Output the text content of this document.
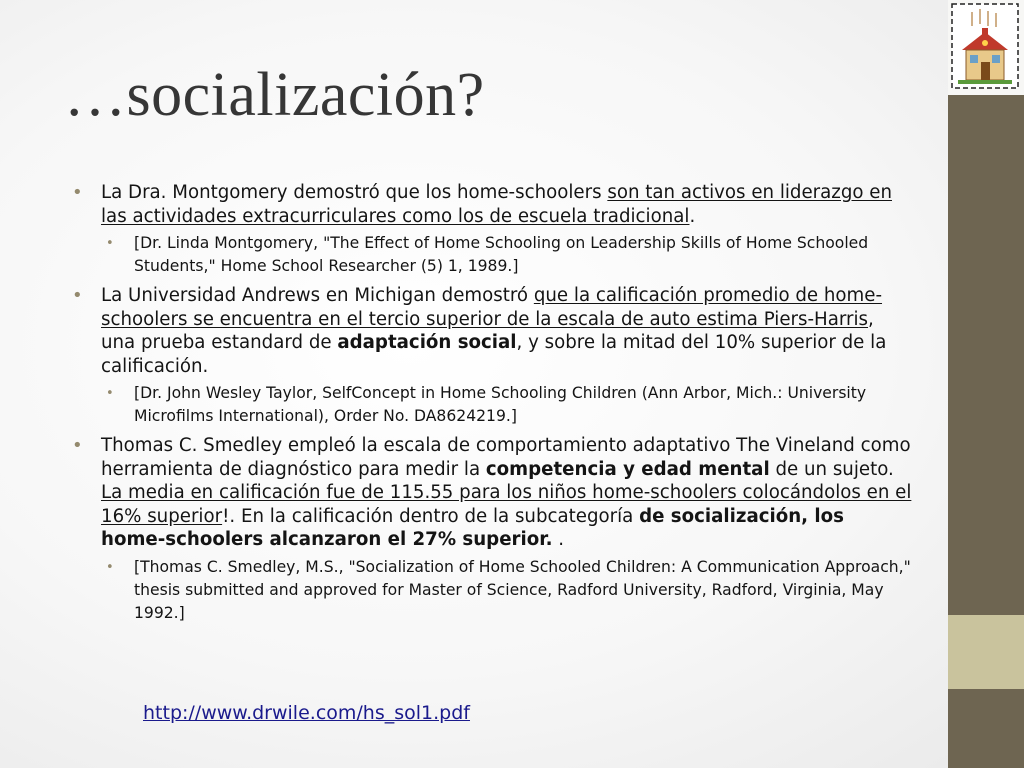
…socialización?

• La Dra. Montgomery demostró que los home-schoolers son tan activos en liderazgo en las actividades extracurriculares como los de escuela tradicional.

• [Dr. Linda Montgomery, "The Effect of Home Schooling on Leadership Skills of Home Schooled Students," Home School Researcher (5) 1, 1989.]

• La Universidad Andrews en Michigan demostró que la calificación promedio de home-schoolers se encuentra en el tercio superior de la escala de auto estima Piers-Harris, una prueba estandard de adaptación social, y sobre la mitad del 10% superior de la calificación.

• [Dr. John Wesley Taylor, SelfConcept in Home Schooling Children (Ann Arbor, Mich.: University Microfilms International), Order No. DA8624219.]

• Thomas C. Smedley empleó la escala de comportamiento adaptativo The Vineland como herramienta de diagnóstico para medir la competencia y edad mental de un sujeto. La media en calificación fue de 115.55 para los niños home-schoolers colocándolos en el 16% superior!. En la calificación dentro de la subcategoría de socialización, los home-schoolers alcanzaron el 27% superior. .

• [Thomas C. Smedley, M.S., "Socialization of Home Schooled Children: A Communication Approach," thesis submitted and approved for Master of Science, Radford University, Radford, Virginia, May 1992.]

http://www.drwile.com/hs_sol1.pdf
